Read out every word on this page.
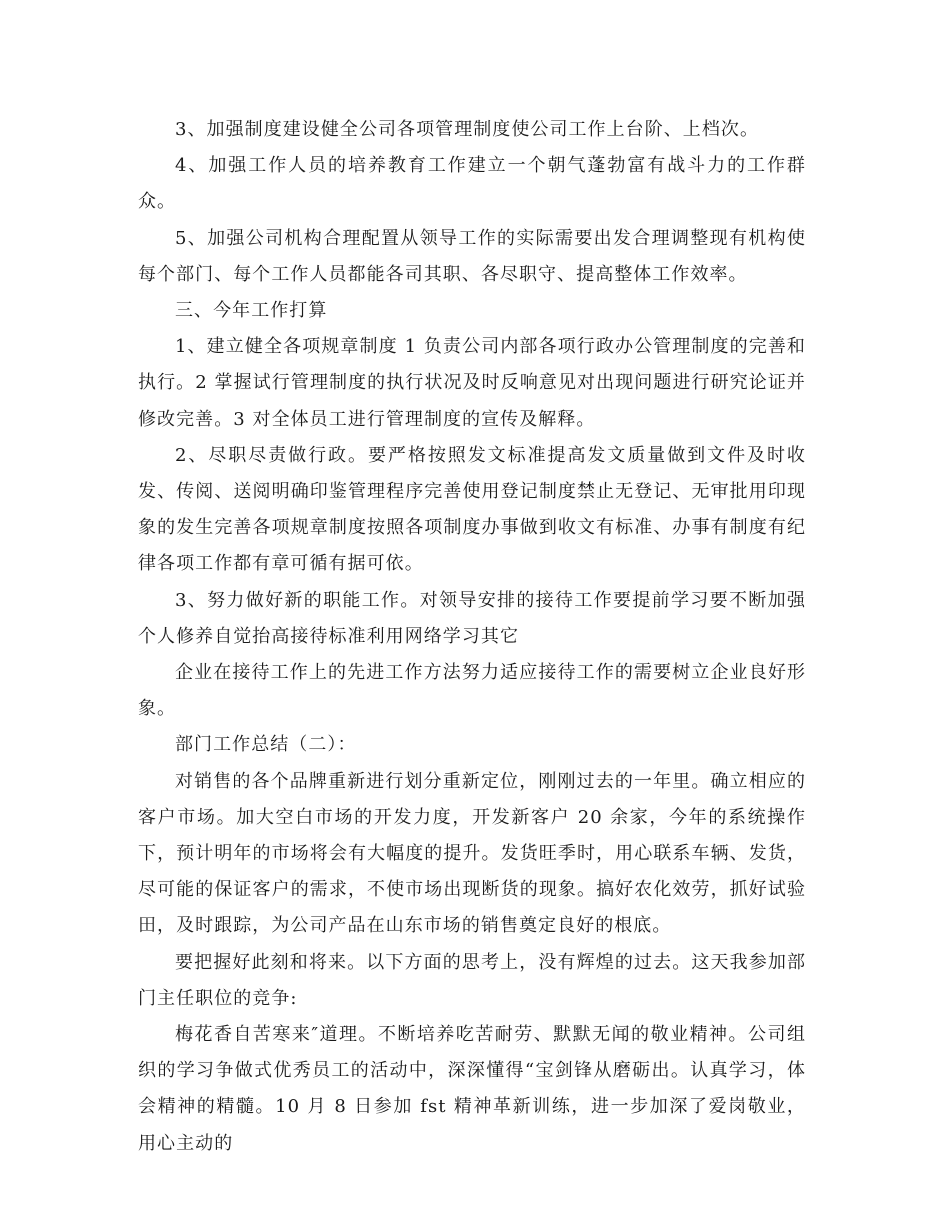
3、加强制度建设健全公司各项管理制度使公司工作上台阶、上档次。

4、加强工作人员的培养教育工作建立一个朝气蓬勃富有战斗力的工作群众。

5、加强公司机构合理配置从领导工作的实际需要出发合理调整现有机构使每个部门、每个工作人员都能各司其职、各尽职守、提高整体工作效率。

三、今年工作打算

1、建立健全各项规章制度 1 负责公司内部各项行政办公管理制度的完善和执行。2 掌握试行管理制度的执行状况及时反响意见对出现问题进行研究论证并修改完善。3 对全体员工进行管理制度的宣传及解释。

2、尽职尽责做行政。要严格按照发文标准提高发文质量做到文件及时收发、传阅、送阅明确印鉴管理程序完善使用登记制度禁止无登记、无审批用印现象的发生完善各项规章制度按照各项制度办事做到收文有标准、办事有制度有纪律各项工作都有章可循有据可依。

3、努力做好新的职能工作。对领导安排的接待工作要提前学习要不断加强个人修养自觉抬高接待标准利用网络学习其它

企业在接待工作上的先进工作方法努力适应接待工作的需要树立企业良好形象。

部门工作总结（二）：

对销售的各个品牌重新进行划分重新定位，刚刚过去的一年里。确立相应的客户市场。加大空白市场的开发力度，开发新客户 20 余家，今年的系统操作下，预计明年的市场将会有大幅度的提升。发货旺季时，用心联系车辆、发货，尽可能的保证客户的需求，不使市场出现断货的现象。搞好农化效劳，抓好试验田，及时跟踪，为公司产品在山东市场的销售奠定良好的根底。

要把握好此刻和将来。以下方面的思考上，没有辉煌的过去。这天我参加部门主任职位的竞争:

梅花香自苦寒来″道理。不断培养吃苦耐劳、默默无闻的敬业精神。公司组织的学习争做式优秀员工的活动中，深深懂得“宝剑锋从磨砺出。认真学习，体会精神的精髓。10 月 8 日参加 fst 精神革新训练，进一步加深了爱岗敬业，用心主动的
